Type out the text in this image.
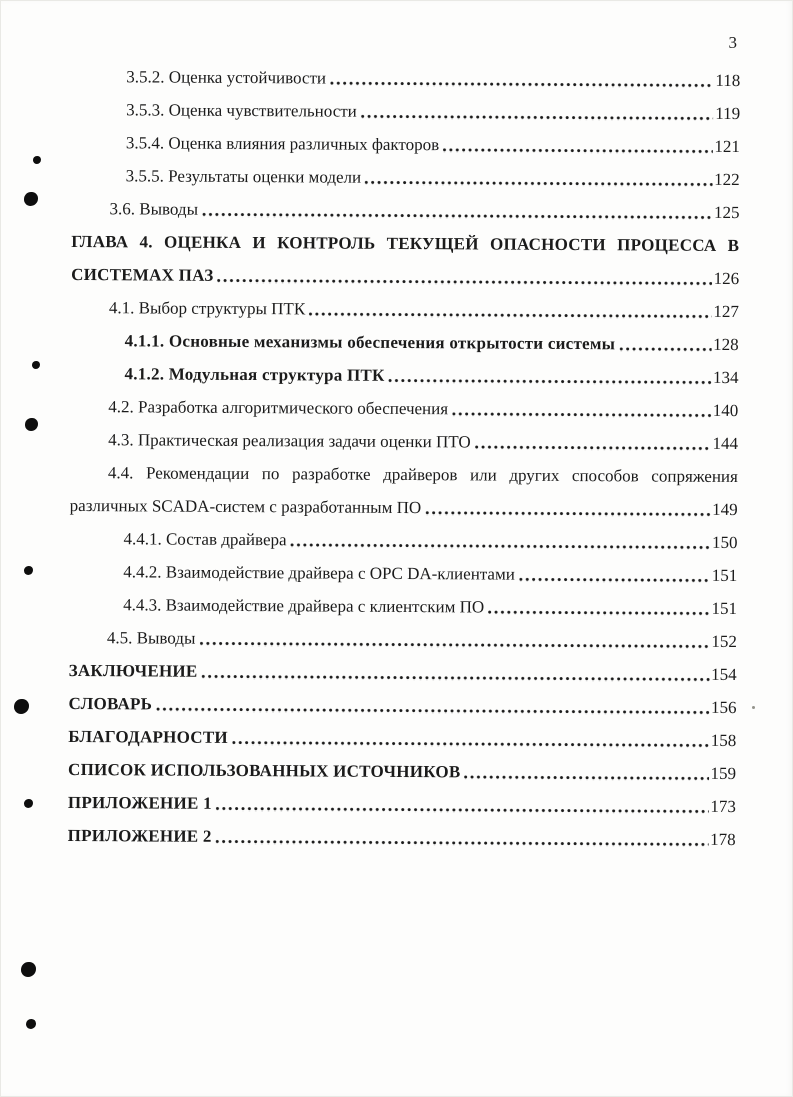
3
3.5.2. Оценка устойчивости	118
3.5.3. Оценка чувствительности	119
3.5.4. Оценка влияния различных факторов	121
3.5.5. Результаты оценки модели	122
3.6. Выводы	125
ГЛАВА 4. ОЦЕНКА И КОНТРОЛЬ ТЕКУЩЕЙ ОПАСНОСТИ ПРОЦЕССА В
СИСТЕМАХ ПАЗ	126
4.1. Выбор структуры ПТК	127
4.1.1. Основные механизмы обеспечения открытости системы	128
4.1.2. Модульная структура ПТК	134
4.2. Разработка алгоритмического обеспечения	140
4.3. Практическая реализация задачи оценки ПТО	144
4.4. Рекомендации по разработке драйверов или других способов сопряжения
различных SCADA-систем с разработанным ПО	149
4.4.1. Состав драйвера	150
4.4.2. Взаимодействие драйвера с OPC DA-клиентами	151
4.4.3. Взаимодействие драйвера с клиентским ПО	151
4.5. Выводы	152
ЗАКЛЮЧЕНИЕ	154
СЛОВАРЬ	156
БЛАГОДАРНОСТИ	158
СПИСОК ИСПОЛЬЗОВАННЫХ ИСТОЧНИКОВ	159
ПРИЛОЖЕНИЕ 1	173
ПРИЛОЖЕНИЕ 2	178
